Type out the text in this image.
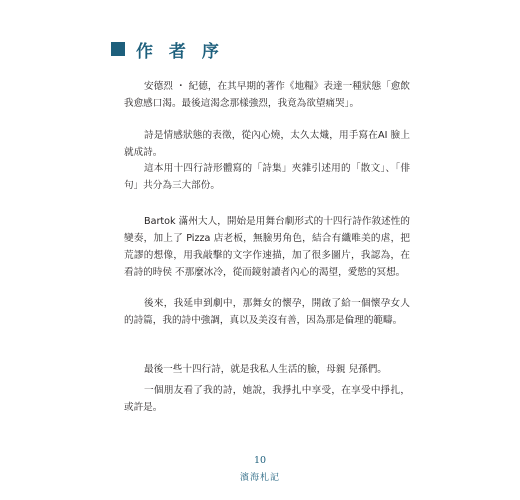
作 者 序

安德烈 ・ 紀德，在其早期的著作《地糧》表達一種狀態「愈飲 我愈感口渴。最後這渴念那樣強烈，我竟為欲望痛哭」。

詩是情感狀態的表徵，從內心燒，太久太熾，用手寫在AI 臉上就成詩。

這本用十四行詩形體寫的「詩集」夾雜引述用的「散文」、「俳句」共分為三大部份。

Bartok 滿州大人，開始是用舞台劇形式的十四行詩作敘述性的變奏，加上了 Pizza 店老板，無臉男角色，結合有纖唯美的虐，把荒謬的想像，用我敲擊的文字作速描，加了很多圖片，我認為，在看詩的時侯 不那麼冰冷，從而鏡射讀者內心的渴望，愛慾的冥想。

後來，我延申到劇中，那舞女的懷孕，開啟了給一個懷孕女人的詩篇，我的詩中強調，真以及美沒有善，因為那是倫理的範疇。

最後一些十四行詩，就是我私人生活的臉，母親 兒孫們。

一個朋友看了我的詩，她說，我掙扎中享受，在享受中掙扎，或許是。

10
濱海札記
